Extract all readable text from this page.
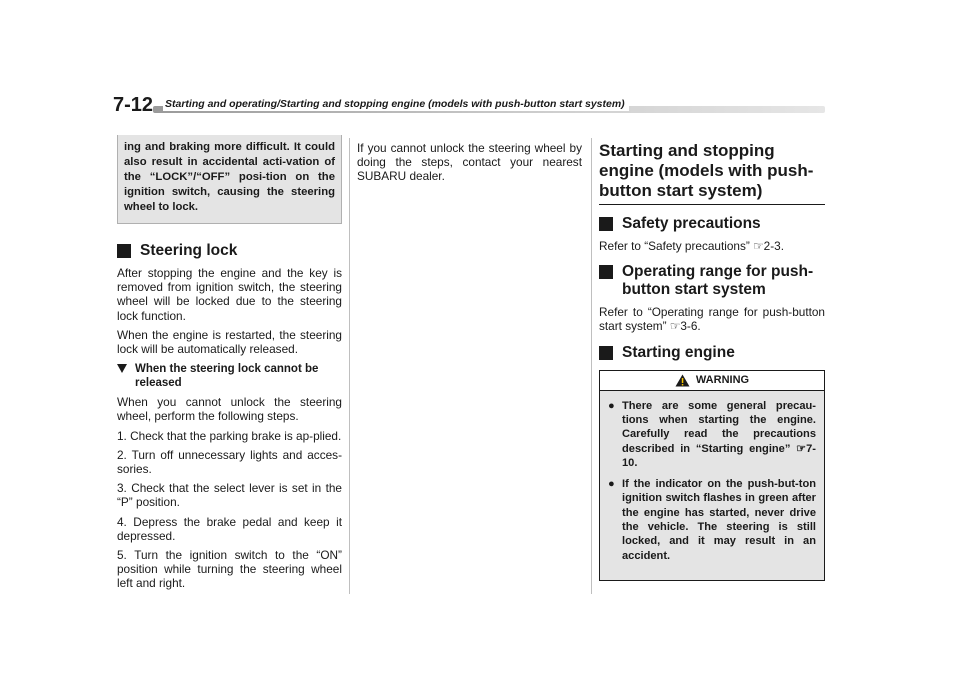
7-12 Starting and operating/Starting and stopping engine (models with push-button start system)
ing and braking more difficult. It could also result in accidental acti-vation of the “LOCK”/“OFF” posi-tion on the ignition switch, causing the steering wheel to lock.
Steering lock

After stopping the engine and the key is removed from ignition switch, the steering wheel will be locked due to the steering lock function.

When the engine is restarted, the steering lock will be automatically released.

When the steering lock cannot be released

When you cannot unlock the steering wheel, perform the following steps.

1. Check that the parking brake is ap-plied.

2. Turn off unnecessary lights and acces-sories.

3. Check that the select lever is set in the “P” position.

4. Depress the brake pedal and keep it depressed.

5. Turn the ignition switch to the “ON” position while turning the steering wheel left and right.

If you cannot unlock the steering wheel by doing the steps, contact your nearest SUBARU dealer.

Starting and stopping engine (models with push-button start system)
Safety precautions

Refer to “Safety precautions” ☞2-3.

Operating range for push-button start system

Refer to “Operating range for push-button start system” ☞3-6.

Starting engine
WARNING
● There are some general precau-tions when starting the engine. Carefully read the precautions described in “Starting engine” ☞7-10.
● If the indicator on the push-but-ton ignition switch flashes in green after the engine has started, never drive the vehicle. The steering is still locked, and it may result in an accident.
